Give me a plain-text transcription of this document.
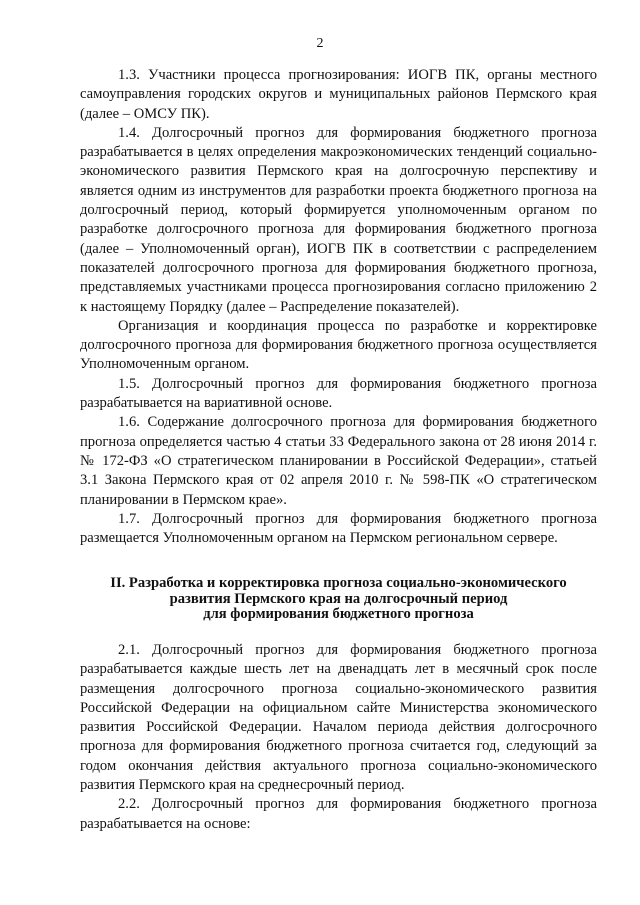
2

1.3. Участники процесса прогнозирования: ИОГВ ПК, органы местного самоуправления городских округов и муниципальных районов Пермского края (далее – ОМСУ ПК).

1.4. Долгосрочный прогноз для формирования бюджетного прогноза разрабатывается в целях определения макроэкономических тенденций социально-экономического развития Пермского края на долгосрочную перспективу и является одним из инструментов для разработки проекта бюджетного прогноза на долгосрочный период, который формируется уполномоченным органом по разработке долгосрочного прогноза для формирования бюджетного прогноза (далее – Уполномоченный орган), ИОГВ ПК в соответствии с распределением показателей долгосрочного прогноза для формирования бюджетного прогноза, представляемых участниками процесса прогнозирования согласно приложению 2 к настоящему Порядку (далее – Распределение показателей).

Организация и координация процесса по разработке и корректировке долгосрочного прогноза для формирования бюджетного прогноза осуществляется Уполномоченным органом.

1.5. Долгосрочный прогноз для формирования бюджетного прогноза разрабатывается на вариативной основе.

1.6. Содержание долгосрочного прогноза для формирования бюджетного прогноза определяется частью 4 статьи 33 Федерального закона от 28 июня 2014 г. № 172-ФЗ «О стратегическом планировании в Российской Федерации», статьей 3.1 Закона Пермского края от 02 апреля 2010 г. № 598-ПК «О стратегическом планировании в Пермском крае».

1.7. Долгосрочный прогноз для формирования бюджетного прогноза размещается Уполномоченным органом на Пермском региональном сервере.

II. Разработка и корректировка прогноза социально-экономического
развития Пермского края на долгосрочный период
для формирования бюджетного прогноза

2.1. Долгосрочный прогноз для формирования бюджетного прогноза разрабатывается каждые шесть лет на двенадцать лет в месячный срок после размещения долгосрочного прогноза социально-экономического развития Российской Федерации на официальном сайте Министерства экономического развития Российской Федерации. Началом периода действия долгосрочного прогноза для формирования бюджетного прогноза считается год, следующий за годом окончания действия актуального прогноза социально-экономического развития Пермского края на среднесрочный период.

2.2. Долгосрочный прогноз для формирования бюджетного прогноза разрабатывается на основе:
